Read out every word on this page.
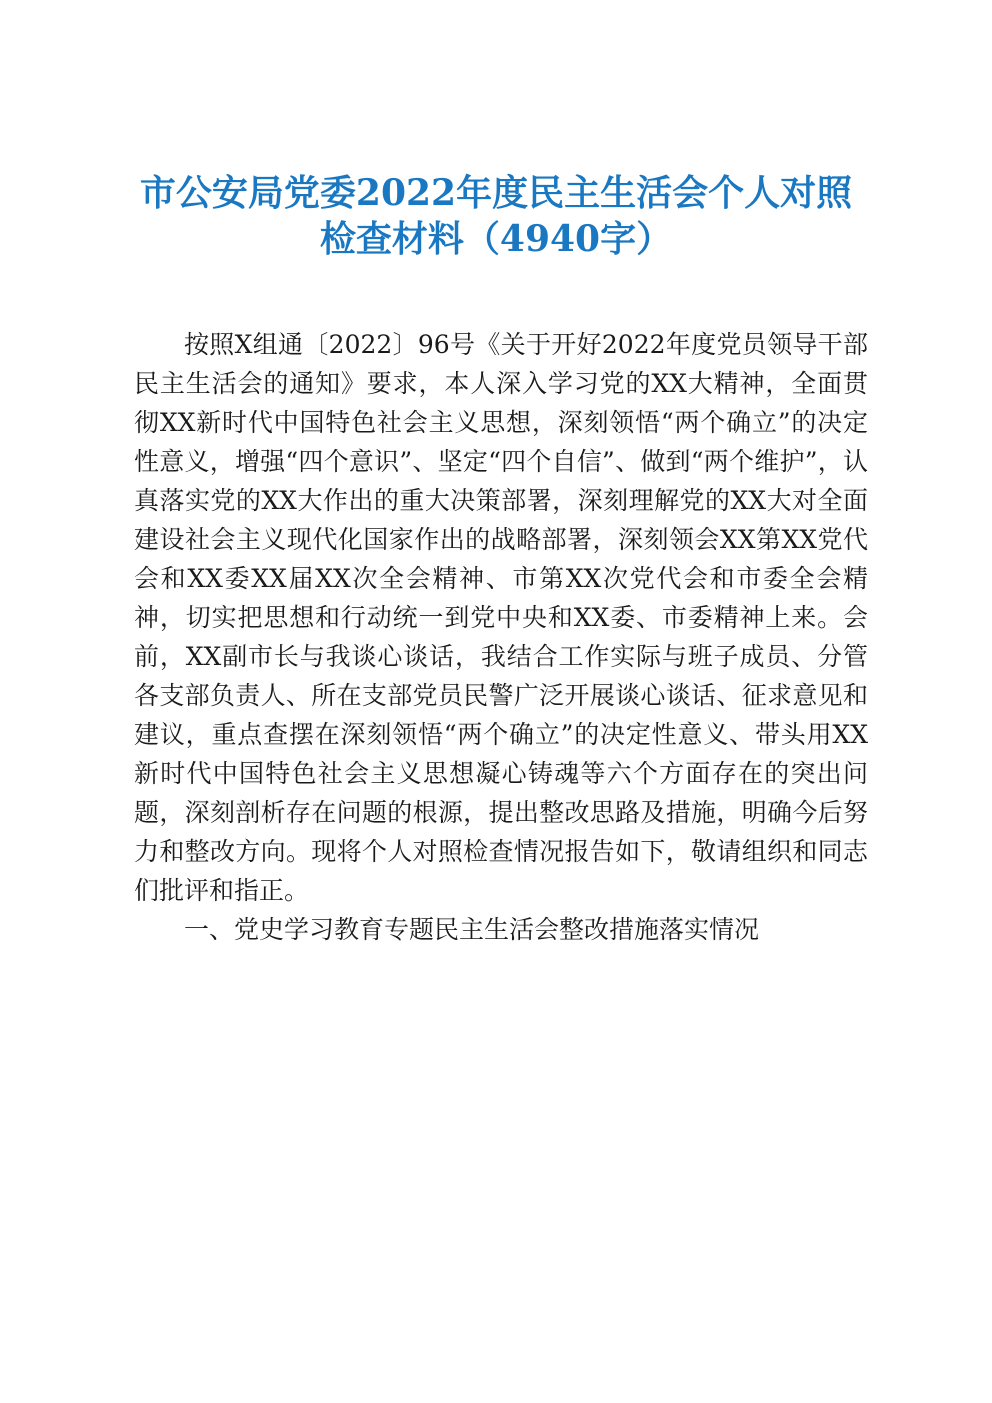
市公安局党委2022年度民主生活会个人对照
检查材料（4940字）

按照X组通〔2022〕96号《关于开好2022年度党员领导干部民主生活会的通知》要求，本人深入学习党的XX大精神，全面贯彻XX新时代中国特色社会主义思想，深刻领悟“两个确立”的决定性意义，增强“四个意识”、坚定“四个自信”、做到“两个维护”，认真落实党的XX大作出的重大决策部署，深刻理解党的XX大对全面建设社会主义现代化国家作出的战略部署，深刻领会XX第XX党代会和XX委XX届XX次全会精神、市第XX次党代会和市委全会精神，切实把思想和行动统一到党中央和XX委、市委精神上来。会前，XX副市长与我谈心谈话，我结合工作实际与班子成员、分管各支部负责人、所在支部党员民警广泛开展谈心谈话、征求意见和建议，重点查摆在深刻领悟“两个确立”的决定性意义、带头用XX新时代中国特色社会主义思想凝心铸魂等六个方面存在的突出问题，深刻剖析存在问题的根源，提出整改思路及措施，明确今后努力和整改方向。现将个人对照检查情况报告如下，敬请组织和同志们批评和指正。

一、党史学习教育专题民主生活会整改措施落实情况
